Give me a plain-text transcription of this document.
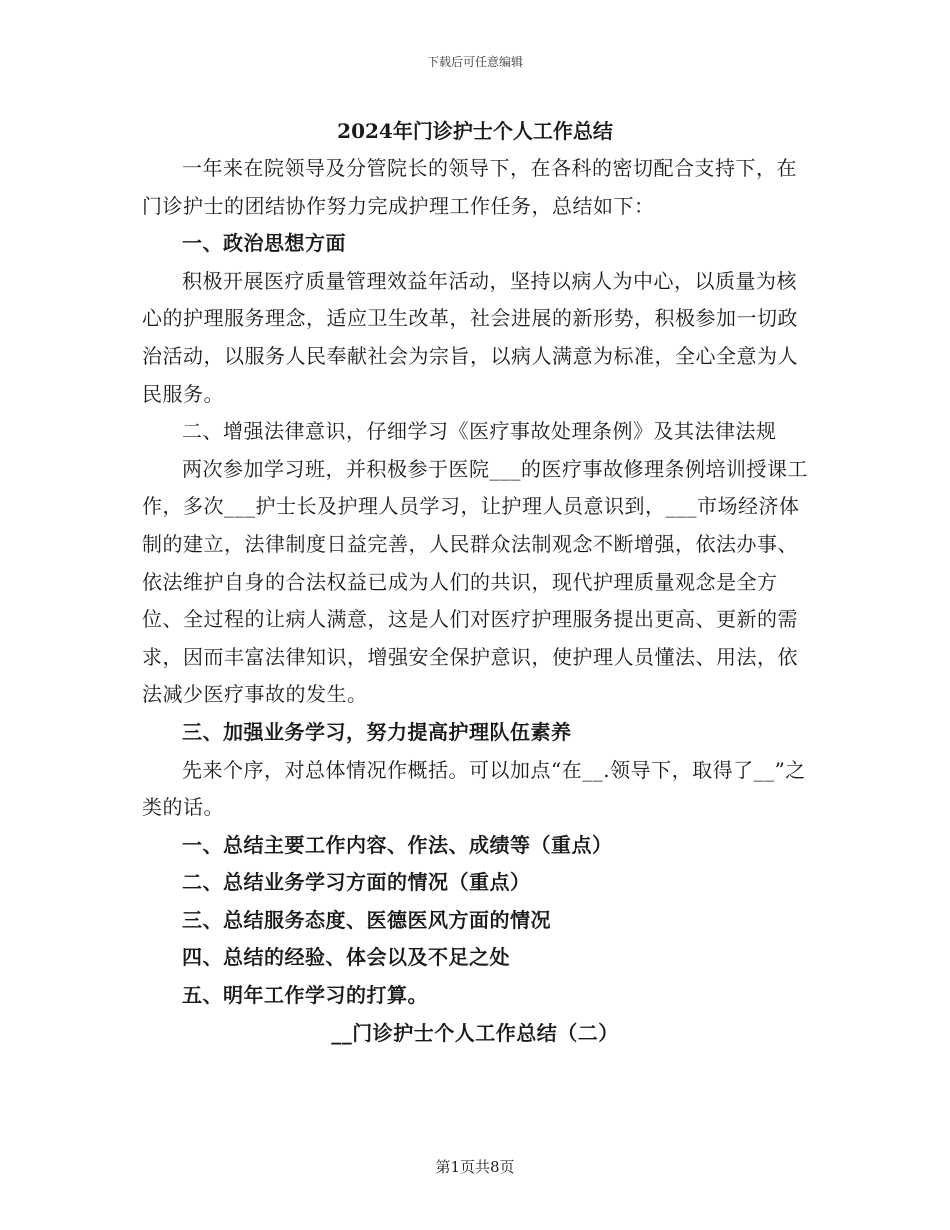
下载后可任意编辑
2024年门诊护士个人工作总结

一年来在院领导及分管院长的领导下，在各科的密切配合支持下，在门诊护士的团结协作努力完成护理工作任务，总结如下：

一、政治思想方面

积极开展医疗质量管理效益年活动，坚持以病人为中心，以质量为核心的护理服务理念，适应卫生改革，社会进展的新形势，积极参加一切政治活动，以服务人民奉献社会为宗旨，以病人满意为标准，全心全意为人民服务。

二、增强法律意识，仔细学习《医疗事故处理条例》及其法律法规

两次参加学习班，并积极参于医院___的医疗事故修理条例培训授课工作，多次___护士长及护理人员学习，让护理人员意识到，___市场经济体制的建立，法律制度日益完善，人民群众法制观念不断增强，依法办事、依法维护自身的合法权益已成为人们的共识，现代护理质量观念是全方位、全过程的让病人满意，这是人们对医疗护理服务提出更高、更新的需求，因而丰富法律知识，增强安全保护意识，使护理人员懂法、用法，依法减少医疗事故的发生。

三、加强业务学习，努力提高护理队伍素养

先来个序，对总体情况作概括。可以加点“在__.领导下，取得了__”之类的话。

一、总结主要工作内容、作法、成绩等（重点）

二、总结业务学习方面的情况（重点）

三、总结服务态度、医德医风方面的情况

四、总结的经验、体会以及不足之处

五、明年工作学习的打算。

__门诊护士个人工作总结（二）

第1页共8页
